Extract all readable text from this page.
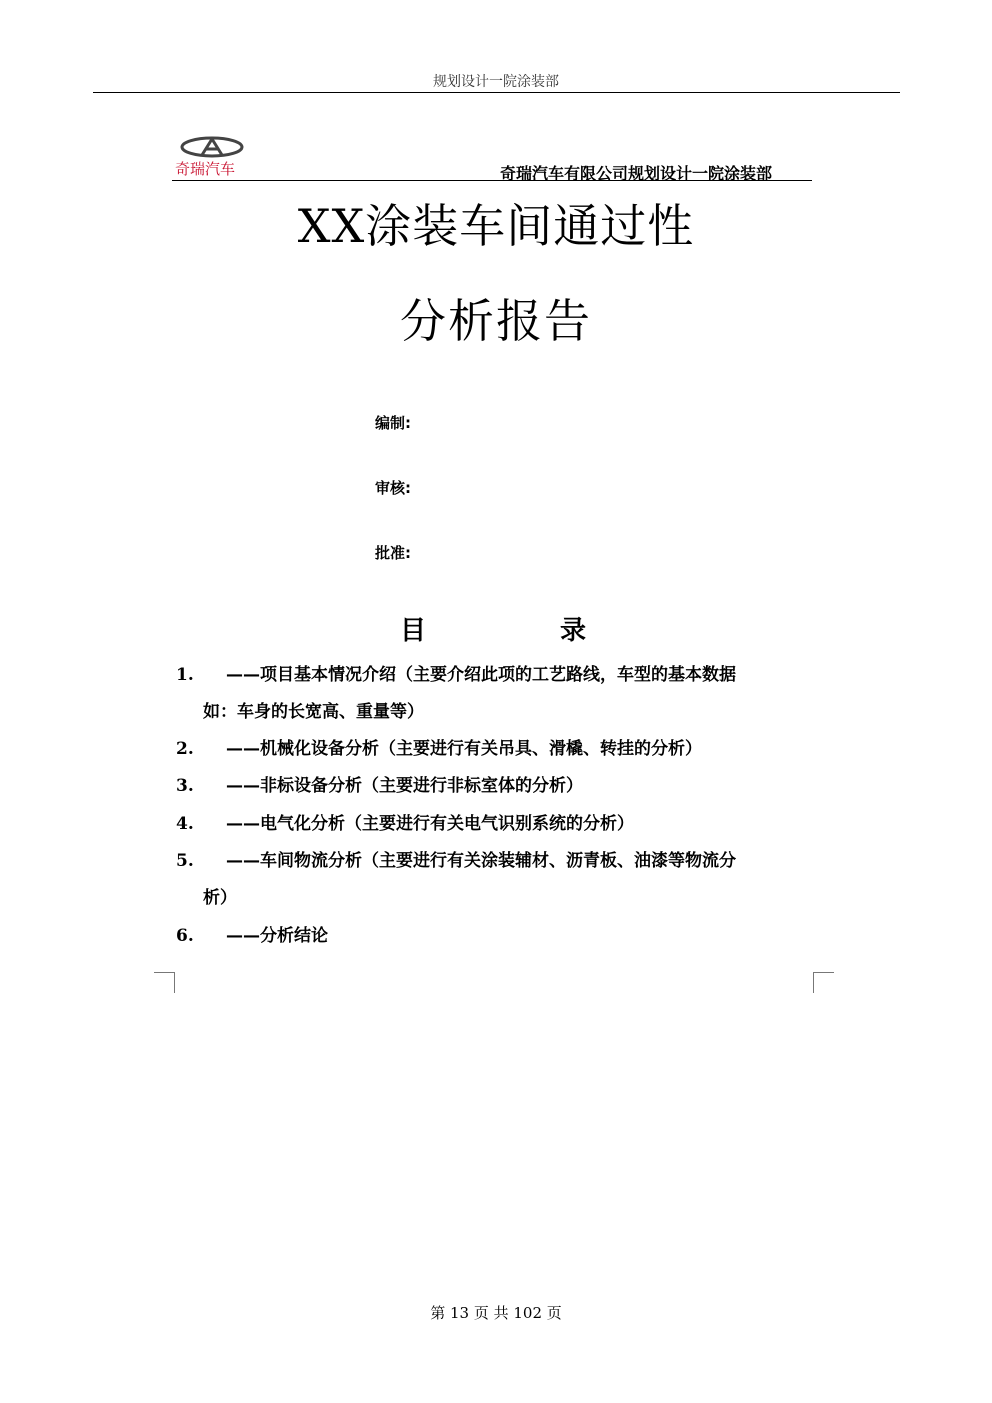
规划设计一院涂装部
奇瑞汽车	奇瑞汽车有限公司规划设计一院涂装部
XX涂装车间通过性
分析报告
编制:
审核:
批准:
目	录
1. ——项目基本情况介绍（主要介绍此项的工艺路线，车型的基本数据
如：车身的长宽高、重量等）
2. ——机械化设备分析（主要进行有关吊具、滑橇、转挂的分析）
3. ——非标设备分析（主要进行非标室体的分析）
4. ——电气化分析（主要进行有关电气识别系统的分析）
5. ——车间物流分析（主要进行有关涂装辅材、沥青板、油漆等物流分
析）
6. ——分析结论
第 13 页 共 102 页
